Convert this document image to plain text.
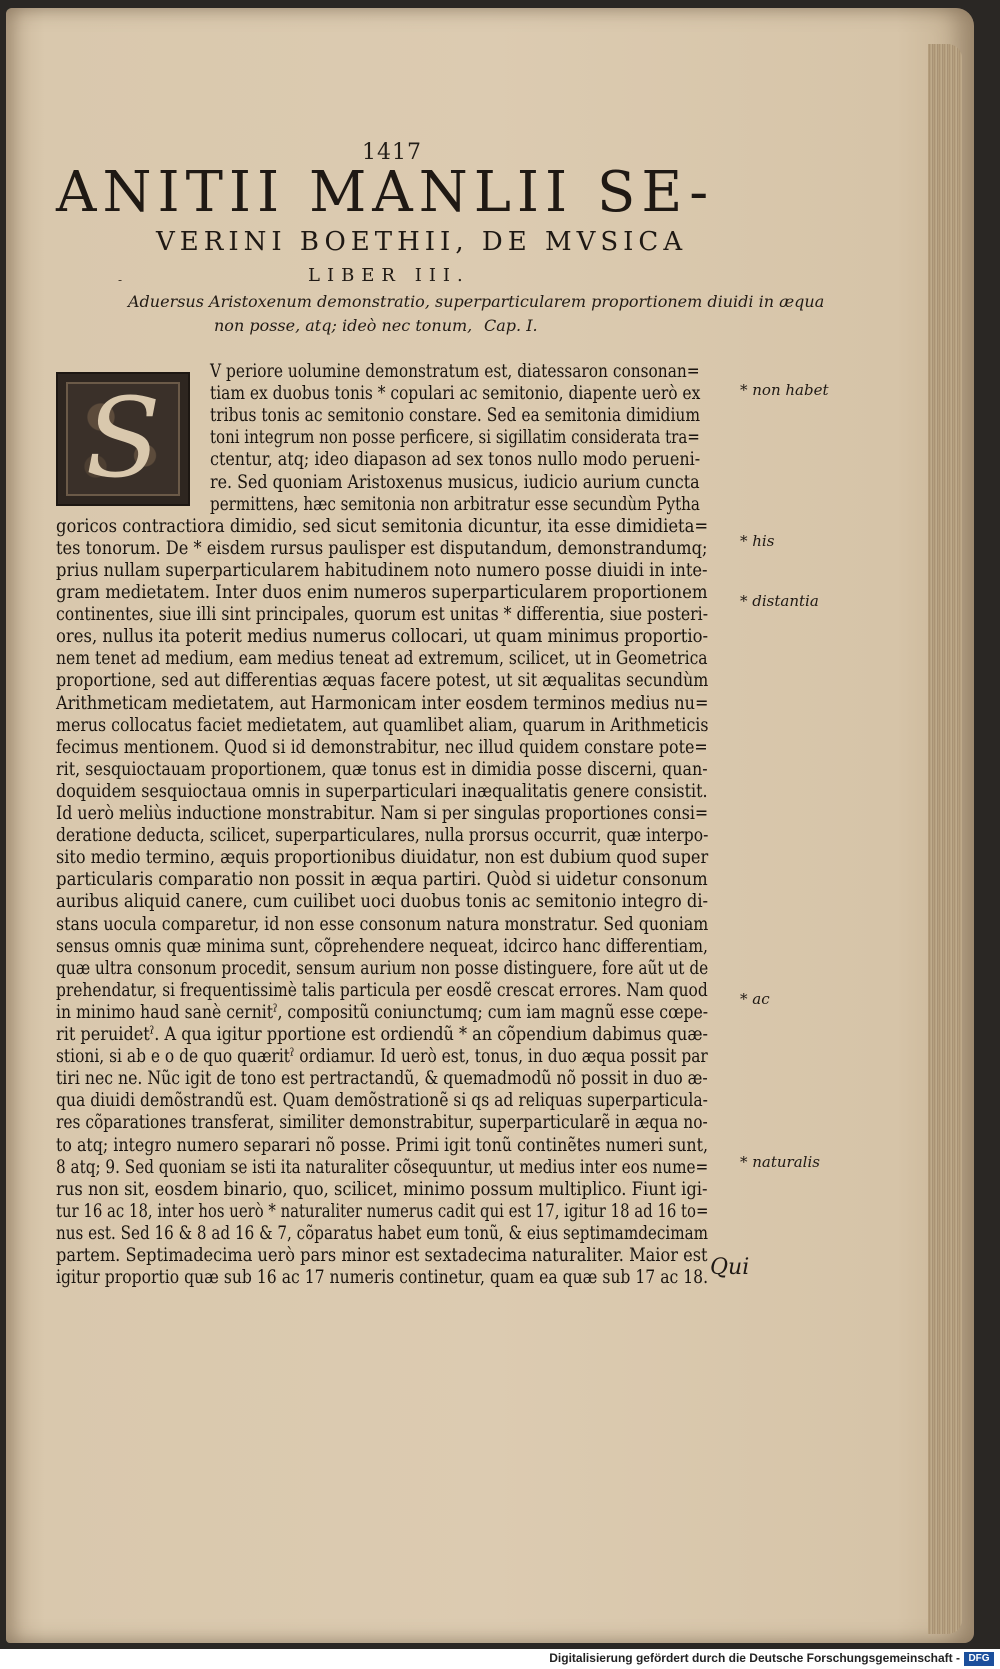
1417
ANITII MANLII SE-
VERINI BOETHII, DE MVSICA
-	LIBER III.
Aduersus Aristoxenum demonstratio, superparticularem proportionem diuidi in æqua
non posse, atq; ideò nec tonum, Cap. I.
S
V periore uolumine demonstratum est, diatessaron consonan=
tiam ex duobus tonis * copulari ac semitonio, diapente uerò ex
tribus tonis ac semitonio constare. Sed ea semitonia dimidium
toni integrum non posse perficere, si sigillatim considerata tra=
ctentur, atq; ideo diapason ad sex tonos nullo modo perueni-
re. Sed quoniam Aristoxenus musicus, iudicio aurium cuncta
permittens, hæc semitonia non arbitratur esse secundùm Pytha
goricos contractiora dimidio, sed sicut semitonia dicuntur, ita esse dimidieta=
tes tonorum. De * eisdem rursus paulisper est disputandum, demonstrandumq;
prius nullam superparticularem habitudinem noto numero posse diuidi in inte-
gram medietatem. Inter duos enim numeros superparticularem proportionem
continentes, siue illi sint principales, quorum est unitas * differentia, siue posteri-
ores, nullus ita poterit medius numerus collocari, ut quam minimus proportio-
nem tenet ad medium, eam medius teneat ad extremum, scilicet, ut in Geometrica
proportione, sed aut differentias æquas facere potest, ut sit æqualitas secundùm
Arithmeticam medietatem, aut Harmonicam inter eosdem terminos medius nu=
merus collocatus faciet medietatem, aut quamlibet aliam, quarum in Arithmeticis
fecimus mentionem. Quod si id demonstrabitur, nec illud quidem constare pote=
rit, sesquioctauam proportionem, quæ tonus est in dimidia posse discerni, quan-
doquidem sesquioctaua omnis in superparticulari inæqualitatis genere consistit.
Id uerò meliùs inductione monstrabitur. Nam si per singulas proportiones consi=
deratione deducta, scilicet, superparticulares, nulla prorsus occurrit, quæ interpo-
sito medio termino, æquis proportionibus diuidatur, non est dubium quod super
particularis comparatio non possit in æqua partiri. Quòd si uidetur consonum
auribus aliquid canere, cum cuilibet uoci duobus tonis ac semitonio integro di-
stans uocula comparetur, id non esse consonum natura monstratur. Sed quoniam
sensus omnis quæ minima sunt, cõprehendere nequeat, idcirco hanc differentiam,
quæ ultra consonum procedit, sensum aurium non posse distinguere, fore aũt ut de
prehendatur, si frequentissimè talis particula per eosdẽ crescat errores. Nam quod
in minimo haud sanè cernitˀ, compositũ coniunctumq; cum iam magnũ esse cœpe-
rit peruidetˀ. A qua igitur pportione est ordiendũ * an cõpendium dabimus quæ-
stioni, si ab e o de quo quæritˀ ordiamur. Id uerò est, tonus, in duo æqua possit par
tiri nec ne. Nũc igit de tono est pertractandũ, & quemadmodũ nõ possit in duo æ-
qua diuidi demõstrandũ est. Quam demõstrationẽ si qs ad reliquas superparticula-
res cõparationes transferat, similiter demonstrabitur, superparticularẽ in æqua no-
to atq; integro numero separari nõ posse. Primi igit tonũ continẽtes numeri sunt,
8 atq; 9. Sed quoniam se isti ita naturaliter cõsequuntur, ut medius inter eos nume=
rus non sit, eosdem binario, quo, scilicet, minimo possum multiplico. Fiunt igi-
tur 16 ac 18, inter hos uerò * naturaliter numerus cadit qui est 17, igitur 18 ad 16 to=
nus est. Sed 16 & 8 ad 16 & 7, cõparatus habet eum tonũ, & eius septimamdecimam
partem. Septimadecima uerò pars minor est sextadecima naturaliter. Maior est
igitur proportio quæ sub 16 ac 17 numeris continetur, quam ea quæ sub 17 ac 18.
* non habet
* his
* distantia
* ac
* naturalis
Qui
Digitalisierung gefördert durch die Deutsche Forschungsgemeinschaft - DFG
